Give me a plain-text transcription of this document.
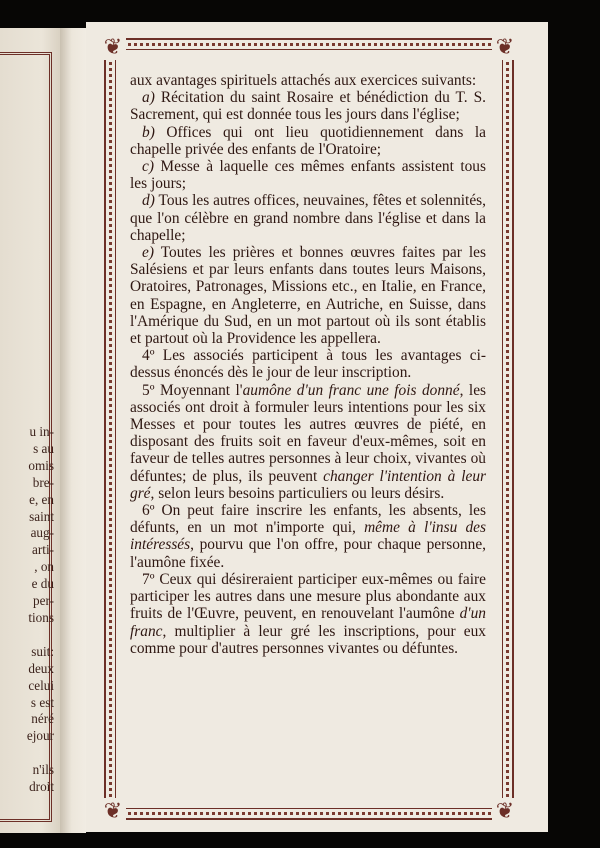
u in-
s au
omis
bre-
e, en
saint
aug-
arti-
, on
e du
per-
tions

suit:
deux
celui
s est
néré
ejour

n'ils
droit
❦	❦
❦	❦

aux avantages spirituels attachés aux exercices suivants:

a) Récitation du saint Rosaire et bénédiction du T. S. Sacrement, qui est donnée tous les jours dans l'église;

b) Offices qui ont lieu quotidiennement dans la chapelle privée des enfants de l'Oratoire;

c) Messe à laquelle ces mêmes enfants assistent tous les jours;

d) Tous les autres offices, neuvaines, fêtes et solennités, que l'on célèbre en grand nombre dans l'église et dans la chapelle;

e) Toutes les prières et bonnes œuvres faites par les Salésiens et par leurs enfants dans toutes leurs Maisons, Oratoires, Patronages, Missions etc., en Italie, en France, en Espagne, en Angleterre, en Autriche, en Suisse, dans l'Amérique du Sud, en un mot partout où ils sont établis et partout où la Providence les appellera.

4º Les associés participent à tous les avantages ci-dessus énoncés dès le jour de leur inscription.

5º Moyennant l'aumône d'un franc une fois donné, les associés ont droit à formuler leurs intentions pour les six Messes et pour toutes les autres œuvres de piété, en disposant des fruits soit en faveur d'eux-mêmes, soit en faveur de telles autres personnes à leur choix, vivantes où défuntes; de plus, ils peuvent changer l'intention à leur gré, selon leurs besoins particuliers ou leurs désirs.

6º On peut faire inscrire les enfants, les absents, les défunts, en un mot n'importe qui, même à l'insu des intéressés, pourvu que l'on offre, pour chaque personne, l'aumône fixée.

7º Ceux qui désireraient participer eux-mêmes ou faire participer les autres dans une mesure plus abondante aux fruits de l'Œuvre, peuvent, en renouvelant l'aumône d'un franc, multiplier à leur gré les inscriptions, pour eux comme pour d'autres personnes vivantes ou défuntes.
